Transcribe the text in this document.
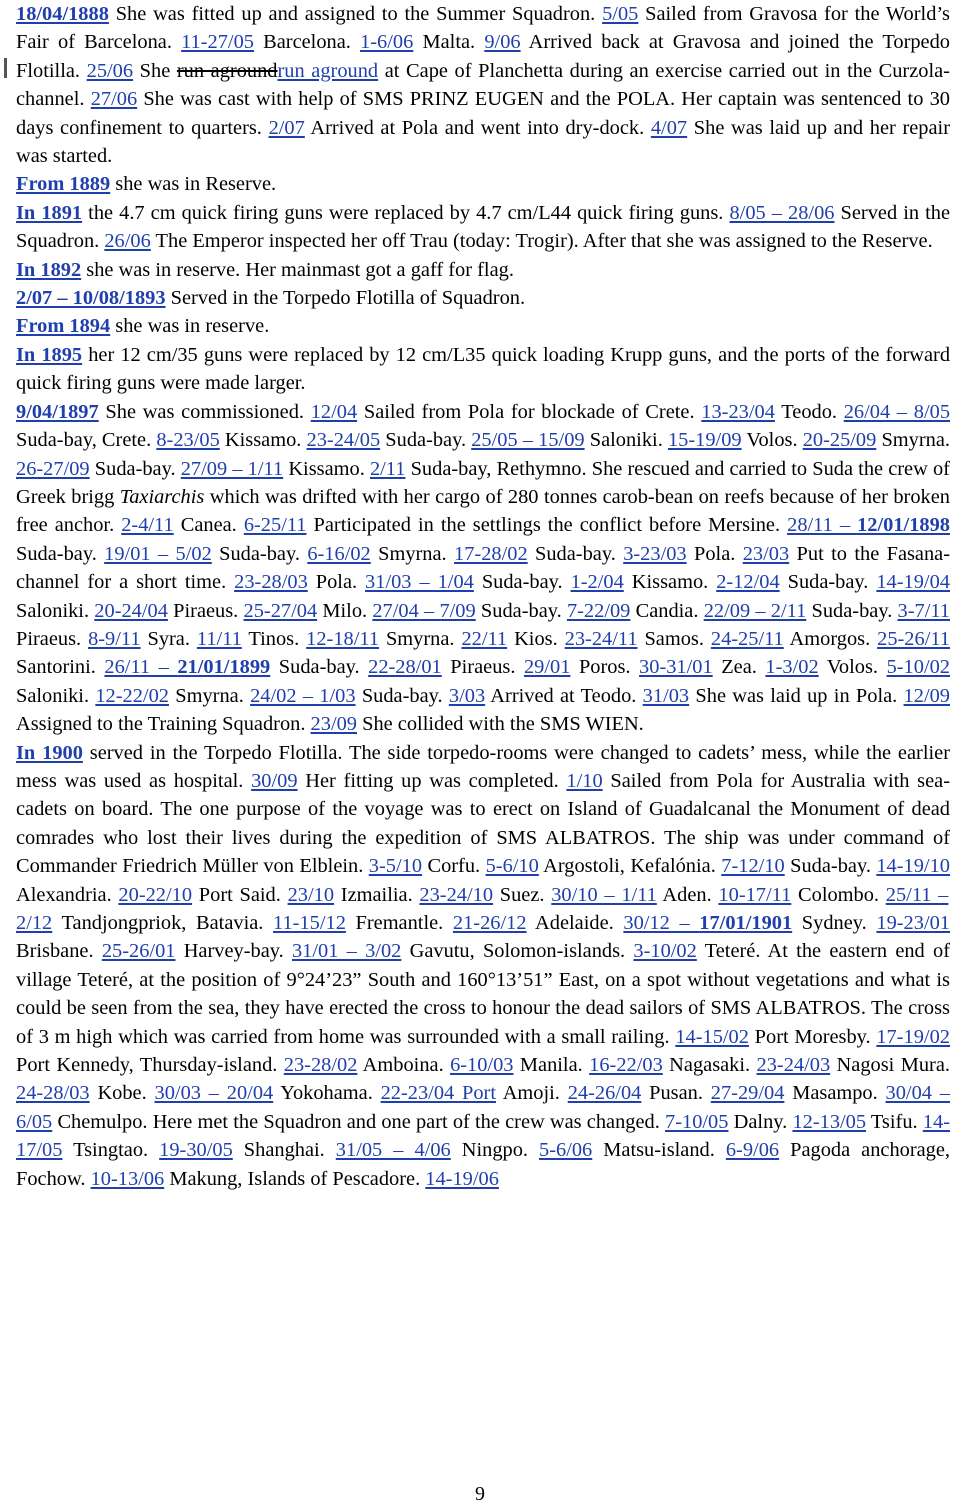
18/04/1888 She was fitted up and assigned to the Summer Squadron. 5/05 Sailed from Gravosa for the World’s Fair of Barcelona. 11-27/05 Barcelona. 1-6/06 Malta. 9/06 Arrived back at Gravosa and joined the Torpedo Flotilla. 25/06 She run agroundrun aground at Cape of Planchetta during an exercise carried out in the Curzola-channel. 27/06 She was cast with help of SMS PRINZ EUGEN and the POLA. Her captain was sentenced to 30 days confinement to quarters. 2/07 Arrived at Pola and went into dry-dock. 4/07 She was laid up and her repair was started.

From 1889 she was in Reserve.

In 1891 the 4.7 cm quick firing guns were replaced by 4.7 cm/L44 quick firing guns. 8/05 – 28/06 Served in the Squadron. 26/06 The Emperor inspected her off Trau (today: Trogir). After that she was assigned to the Reserve.

In 1892 she was in reserve. Her mainmast got a gaff for flag.

2/07 – 10/08/1893 Served in the Torpedo Flotilla of Squadron.

From 1894 she was in reserve.

In 1895 her 12 cm/35 guns were replaced by 12 cm/L35 quick loading Krupp guns, and the ports of the forward quick firing guns were made larger.

9/04/1897 She was commissioned. 12/04 Sailed from Pola for blockade of Crete. 13-23/04 Teodo. 26/04 – 8/05 Suda-bay, Crete. 8-23/05 Kissamo. 23-24/05 Suda-bay. 25/05 – 15/09 Saloniki. 15-19/09 Volos. 20-25/09 Smyrna. 26-27/09 Suda-bay. 27/09 – 1/11 Kissamo. 2/11 Suda-bay, Rethymno. She rescued and carried to Suda the crew of Greek brigg Taxiarchis which was drifted with her cargo of 280 tonnes carob-bean on reefs because of her broken free anchor. 2-4/11 Canea. 6-25/11 Participated in the settlings the conflict before Mersine. 28/11 – 12/01/1898 Suda-bay. 19/01 – 5/02 Suda-bay. 6-16/02 Smyrna. 17-28/02 Suda-bay. 3-23/03 Pola. 23/03 Put to the Fasana-channel for a short time. 23-28/03 Pola. 31/03 – 1/04 Suda-bay. 1-2/04 Kissamo. 2-12/04 Suda-bay. 14-19/04 Saloniki. 20-24/04 Piraeus. 25-27/04 Milo. 27/04 – 7/09 Suda-bay. 7-22/09 Candia. 22/09 – 2/11 Suda-bay. 3-7/11 Piraeus. 8-9/11 Syra. 11/11 Tinos. 12-18/11 Smyrna. 22/11 Kios. 23-24/11 Samos. 24-25/11 Amorgos. 25-26/11 Santorini. 26/11 – 21/01/1899 Suda-bay. 22-28/01 Piraeus. 29/01 Poros. 30-31/01 Zea. 1-3/02 Volos. 5-10/02 Saloniki. 12-22/02 Smyrna. 24/02 – 1/03 Suda-bay. 3/03 Arrived at Teodo. 31/03 She was laid up in Pola. 12/09 Assigned to the Training Squadron. 23/09 She collided with the SMS WIEN.

In 1900 served in the Torpedo Flotilla. The side torpedo-rooms were changed to cadets’ mess, while the earlier mess was used as hospital. 30/09 Her fitting up was completed. 1/10 Sailed from Pola for Australia with sea-cadets on board. The one purpose of the voyage was to erect on Island of Guadalcanal the Monument of dead comrades who lost their lives during the expedition of SMS ALBATROS. The ship was under command of Commander Friedrich Müller von Elblein. 3-5/10 Corfu. 5-6/10 Argostoli, Kefalónia. 7-12/10 Suda-bay. 14-19/10 Alexandria. 20-22/10 Port Said. 23/10 Izmailia. 23-24/10 Suez. 30/10 – 1/11 Aden. 10-17/11 Colombo. 25/11 – 2/12 Tandjongpriok, Batavia. 11-15/12 Fremantle. 21-26/12 Adelaide. 30/12 – 17/01/1901 Sydney. 19-23/01 Brisbane. 25-26/01 Harvey-bay. 31/01 – 3/02 Gavutu, Solomon-islands. 3-10/02 Teteré. At the eastern end of village Teteré, at the position of 9°24’23” South and 160°13’51” East, on a spot without vegetations and what is could be seen from the sea, they have erected the cross to honour the dead sailors of SMS ALBATROS. The cross of 3 m high which was carried from home was surrounded with a small railing. 14-15/02 Port Moresby. 17-19/02 Port Kennedy, Thursday-island. 23-28/02 Amboina. 6-10/03 Manila. 16-22/03 Nagasaki. 23-24/03 Nagosi Mura. 24-28/03 Kobe. 30/03 – 20/04 Yokohama. 22-23/04 Port Amoji. 24-26/04 Pusan. 27-29/04 Masampo. 30/04 – 6/05 Chemulpo. Here met the Squadron and one part of the crew was changed. 7-10/05 Dalny. 12-13/05 Tsifu. 14-17/05 Tsingtao. 19-30/05 Shanghai. 31/05 – 4/06 Ningpo. 5-6/06 Matsu-island. 6-9/06 Pagoda anchorage, Fochow. 10-13/06 Makung, Islands of Pescadore. 14-19/06

9
